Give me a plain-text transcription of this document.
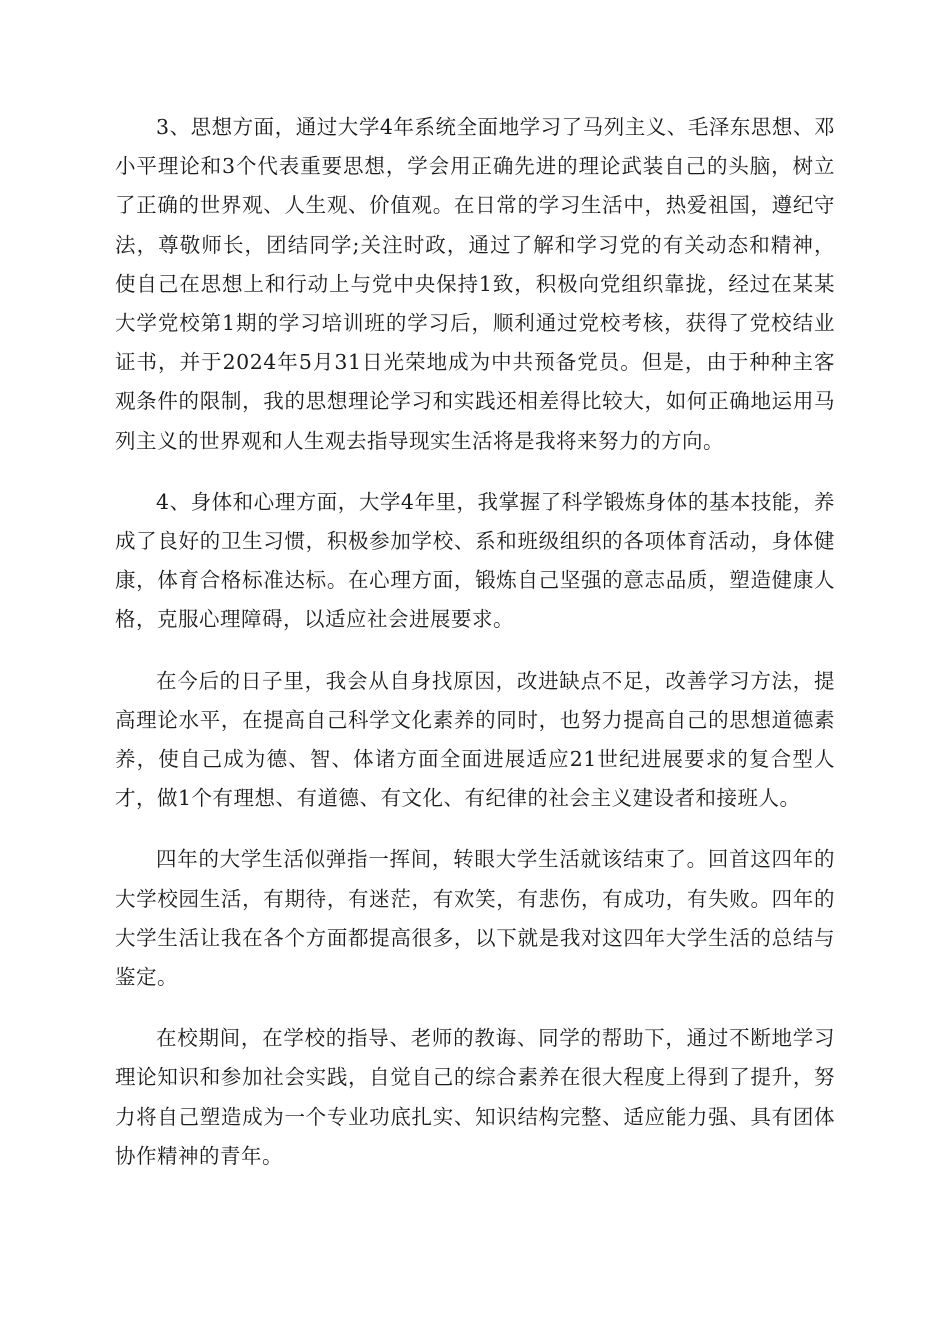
3、思想方面，通过大学4年系统全面地学习了马列主义、毛泽东思想、邓小平理论和3个代表重要思想，学会用正确先进的理论武装自己的头脑，树立了正确的世界观、人生观、价值观。在日常的学习生活中，热爱祖国，遵纪守法，尊敬师长，团结同学;关注时政，通过了解和学习党的有关动态和精神，使自己在思想上和行动上与党中央保持1致，积极向党组织靠拢，经过在某某大学党校第1期的学习培训班的学习后，顺利通过党校考核，获得了党校结业证书，并于2024年5月31日光荣地成为中共预备党员。但是，由于种种主客观条件的限制，我的思想理论学习和实践还相差得比较大，如何正确地运用马列主义的世界观和人生观去指导现实生活将是我将来努力的方向。

4、身体和心理方面，大学4年里，我掌握了科学锻炼身体的基本技能，养成了良好的卫生习惯，积极参加学校、系和班级组织的各项体育活动，身体健康，体育合格标准达标。在心理方面，锻炼自己坚强的意志品质，塑造健康人格，克服心理障碍，以适应社会进展要求。

在今后的日子里，我会从自身找原因，改进缺点不足，改善学习方法，提高理论水平，在提高自己科学文化素养的同时，也努力提高自己的思想道德素养，使自己成为德、智、体诸方面全面进展适应21世纪进展要求的复合型人才，做1个有理想、有道德、有文化、有纪律的社会主义建设者和接班人。

四年的大学生活似弹指一挥间，转眼大学生活就该结束了。回首这四年的大学校园生活，有期待，有迷茫，有欢笑，有悲伤，有成功，有失败。四年的大学生活让我在各个方面都提高很多，以下就是我对这四年大学生活的总结与鉴定。

在校期间，在学校的指导、老师的教诲、同学的帮助下，通过不断地学习理论知识和参加社会实践，自觉自己的综合素养在很大程度上得到了提升，努力将自己塑造成为一个专业功底扎实、知识结构完整、适应能力强、具有团体协作精神的青年。
